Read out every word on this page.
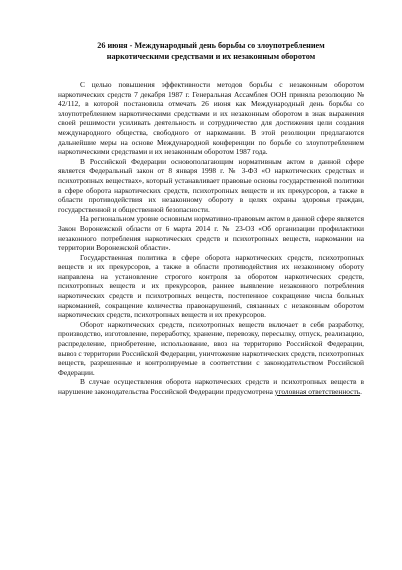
26 июня - Международный день борьбы со злоупотреблением
наркотическими средствами и их незаконным оборотом

С целью повышения эффективности методов борьбы с незаконным оборотом наркотических средств 7 декабря 1987 г. Генеральная Ассамблея ООН приняла резолюцию № 42/112, в которой постановила отмечать 26 июня как Международный день борьбы со злоупотреблением наркотическими средствами и их незаконным оборотом в знак выражения своей решимости усиливать деятельность и сотрудничество для достижения цели создания международного общества, свободного от наркомании. В этой резолюции предлагаются дальнейшие меры на основе Международной конференции по борьбе со злоупотреблением наркотическими средствами и их незаконным оборотом 1987 года.

В Российской Федерации основополагающим нормативным актом в данной сфере является Федеральный закон от 8 января 1998 г. № 3-ФЗ «О наркотических средствах и психотропных веществах», который устанавливает правовые основы государственной политики в сфере оборота наркотических средств, психотропных веществ и их прекурсоров, а также в области противодействия их незаконному обороту в целях охраны здоровья граждан, государственной и общественной безопасности.

На региональном уровне основным нормативно-правовым актом в данной сфере является Закон Воронежской области от 6 марта 2014 г. № 23-ОЗ «Об организации профилактики незаконного потребления наркотических средств и психотропных веществ, наркомании на территории Воронежской области».

Государственная политика в сфере оборота наркотических средств, психотропных веществ и их прекурсоров, а также в области противодействия их незаконному обороту направлена на установление строгого контроля за оборотом наркотических средств, психотропных веществ и их прекурсоров, раннее выявление незаконного потребления наркотических средств и психотропных веществ, постепенное сокращение числа больных наркоманией, сокращение количества правонарушений, связанных с незаконным оборотом наркотических средств, психотропных веществ и их прекурсоров.

Оборот наркотических средств, психотропных веществ включает в себя разработку, производство, изготовление, переработку, хранение, перевозку, пересылку, отпуск, реализацию, распределение, приобретение, использование, ввоз на территорию Российской Федерации, вывоз с территории Российской Федерации, уничтожение наркотических средств, психотропных веществ, разрешенные и контролируемые в соответствии с законодательством Российской Федерации.

В случае осуществления оборота наркотических средств и психотропных веществ в нарушение законодательства Российской Федерации предусмотрена уголовная ответственность.
